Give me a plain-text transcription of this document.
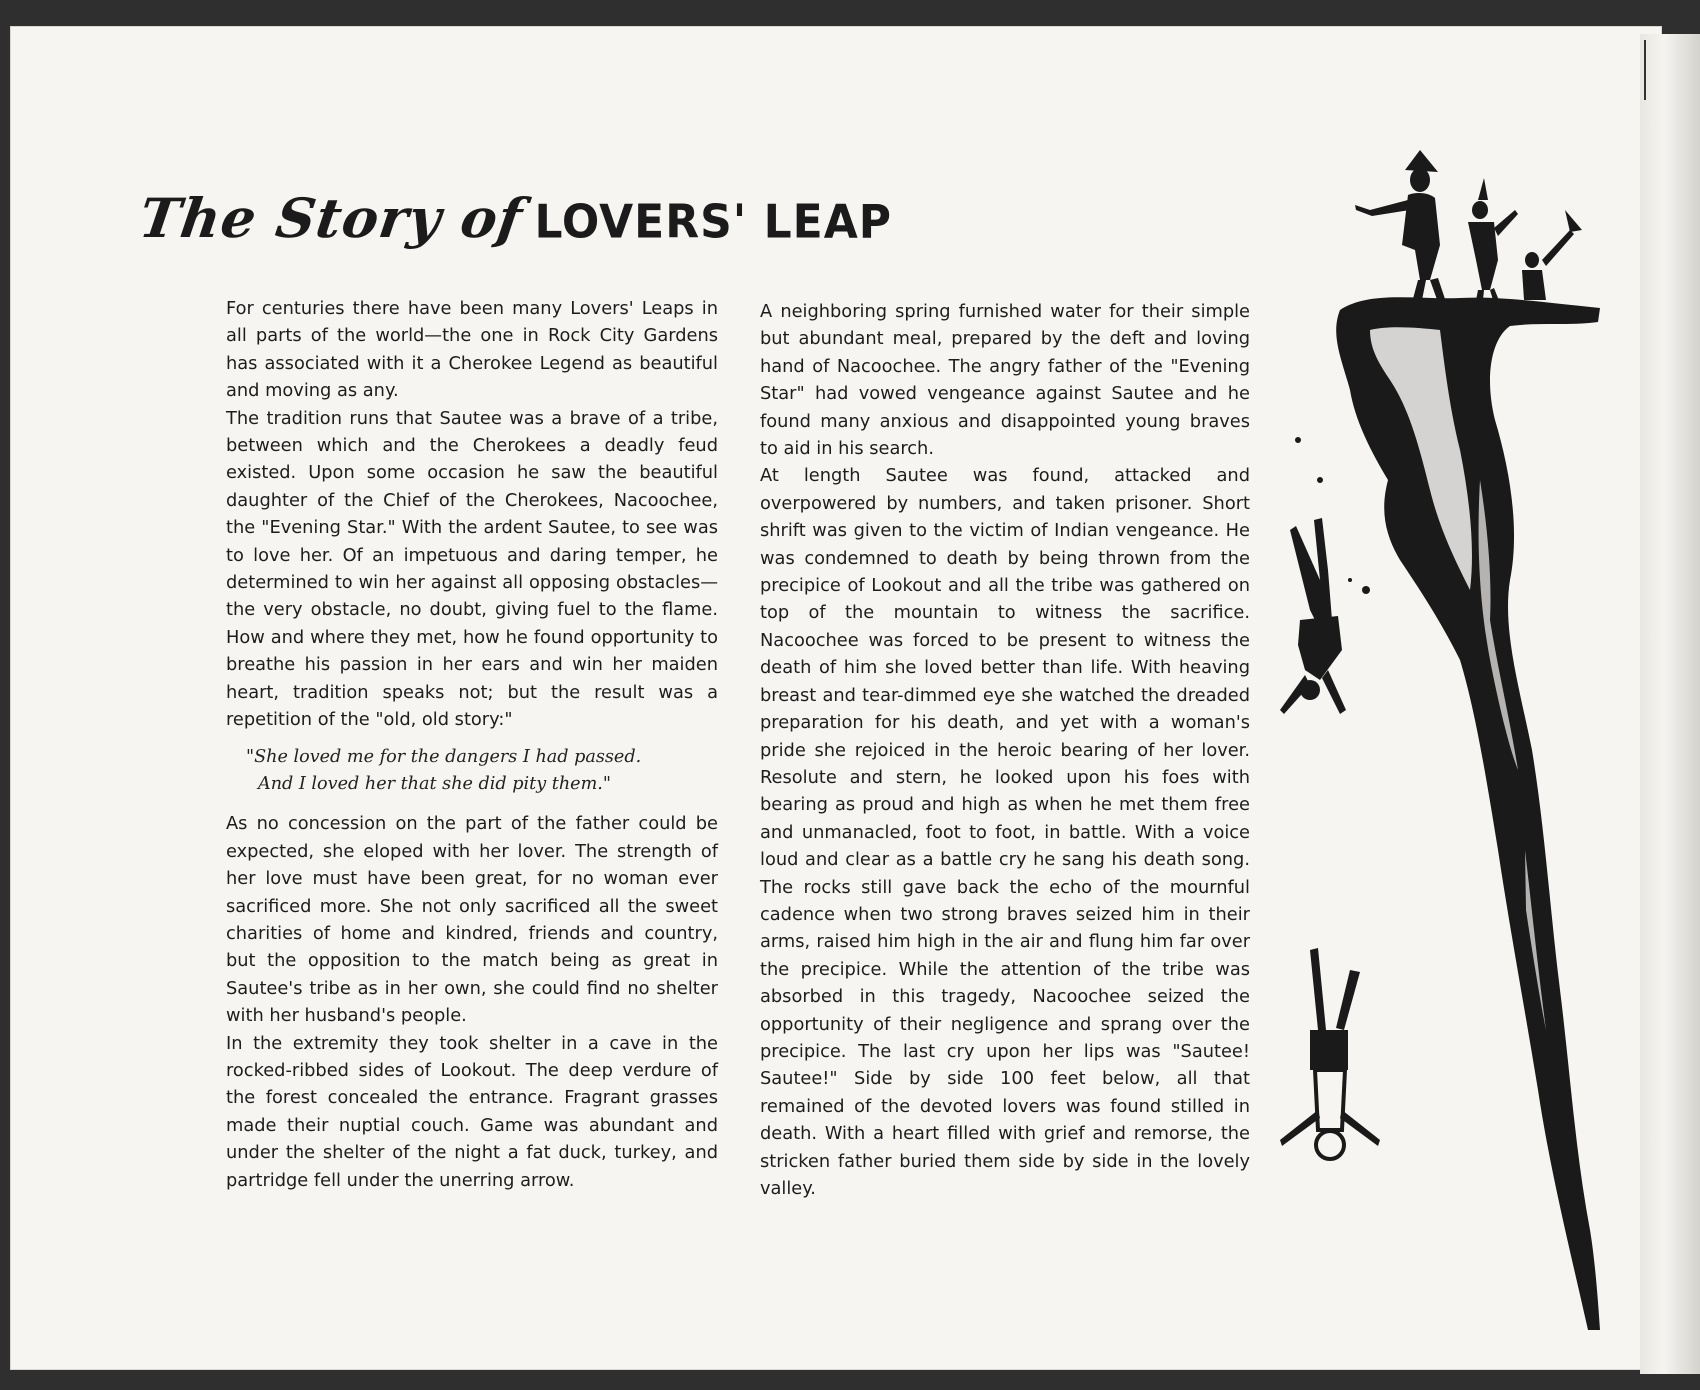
The Story of LOVERS' LEAP

For centuries there have been many Lovers' Leaps in all parts of the world—the one in Rock City Gardens has associated with it a Cherokee Legend as beautiful and moving as any.

The tradition runs that Sautee was a brave of a tribe, between which and the Cherokees a deadly feud existed. Upon some occasion he saw the beautiful daughter of the Chief of the Cherokees, Nacoochee, the "Evening Star." With the ardent Sautee, to see was to love her. Of an impetuous and daring temper, he determined to win her against all opposing obstacles—the very obstacle, no doubt, giving fuel to the flame. How and where they met, how he found opportunity to breathe his passion in her ears and win her maiden heart, tradition speaks not; but the result was a repetition of the "old, old story:"

"She loved me for the dangers I had passed.
And I loved her that she did pity them."

As no concession on the part of the father could be expected, she eloped with her lover. The strength of her love must have been great, for no woman ever sacrificed more. She not only sacrificed all the sweet charities of home and kindred, friends and country, but the opposition to the match being as great in Sautee's tribe as in her own, she could find no shelter with her husband's people.

In the extremity they took shelter in a cave in the rocked-ribbed sides of Lookout. The deep verdure of the forest concealed the entrance. Fragrant grasses made their nuptial couch. Game was abundant and under the shelter of the night a fat duck, turkey, and partridge fell under the unerring arrow.

A neighboring spring furnished water for their simple but abundant meal, prepared by the deft and loving hand of Nacoochee. The angry father of the "Evening Star" had vowed vengeance against Sautee and he found many anxious and disappointed young braves to aid in his search.

At length Sautee was found, attacked and overpowered by numbers, and taken prisoner. Short shrift was given to the victim of Indian vengeance. He was condemned to death by being thrown from the precipice of Lookout and all the tribe was gathered on top of the mountain to witness the sacrifice. Nacoochee was forced to be present to witness the death of him she loved better than life. With heaving breast and tear-dimmed eye she watched the dreaded preparation for his death, and yet with a woman's pride she rejoiced in the heroic bearing of her lover. Resolute and stern, he looked upon his foes with bearing as proud and high as when he met them free and unmanacled, foot to foot, in battle. With a voice loud and clear as a battle cry he sang his death song. The rocks still gave back the echo of the mournful cadence when two strong braves seized him in their arms, raised him high in the air and flung him far over the precipice. While the attention of the tribe was absorbed in this tragedy, Nacoochee seized the opportunity of their negligence and sprang over the precipice. The last cry upon her lips was "Sautee! Sautee!" Side by side 100 feet below, all that remained of the devoted lovers was found stilled in death. With a heart filled with grief and remorse, the stricken father buried them side by side in the lovely valley.
